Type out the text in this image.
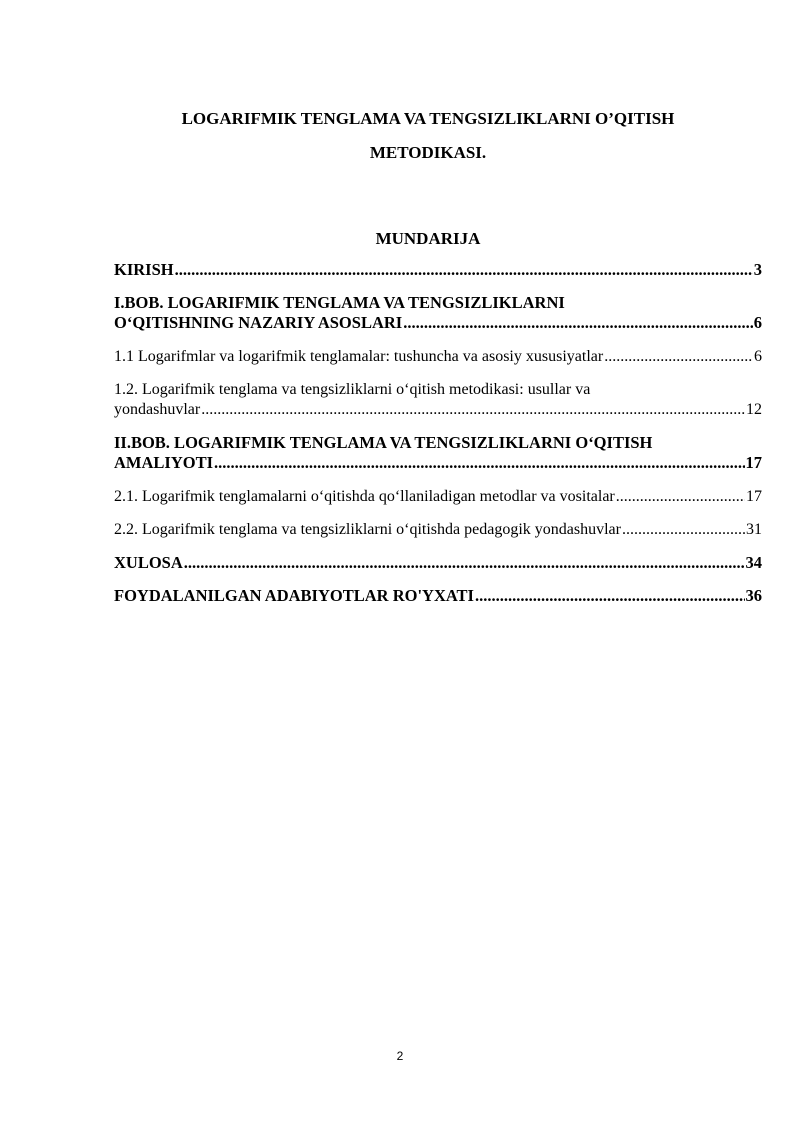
LOGARIFMIK TENGLAMA VA TENGSIZLIKLARNI O’QITISH
METODIKASI.
MUNDARIJA
KIRISH .....	3
I.BOB. LOGARIFMIK TENGLAMA VA TENGSIZLIKLARNI
O‘QITISHNING NAZARIY ASOSLARI .....	6
1.1 Logarifmlar va logarifmik tenglamalar: tushuncha va asosiy xususiyatlar .....	6
1.2. Logarifmik tenglama va tengsizliklarni o‘qitish metodikasi: usullar va
yondashuvlar .....	12
II.BOB. LOGARIFMIK TENGLAMA VA TENGSIZLIKLARNI O‘QITISH
AMALIYOTI .....	17
2.1. Logarifmik tenglamalarni o‘qitishda qo‘llaniladigan metodlar va vositalar .....	17
2.2. Logarifmik tenglama va tengsizliklarni o‘qitishda pedagogik yondashuvlar .....	31
XULOSA .....	34
FOYDALANILGAN ADABIYOTLAR RO'YXATI .....	36
2
